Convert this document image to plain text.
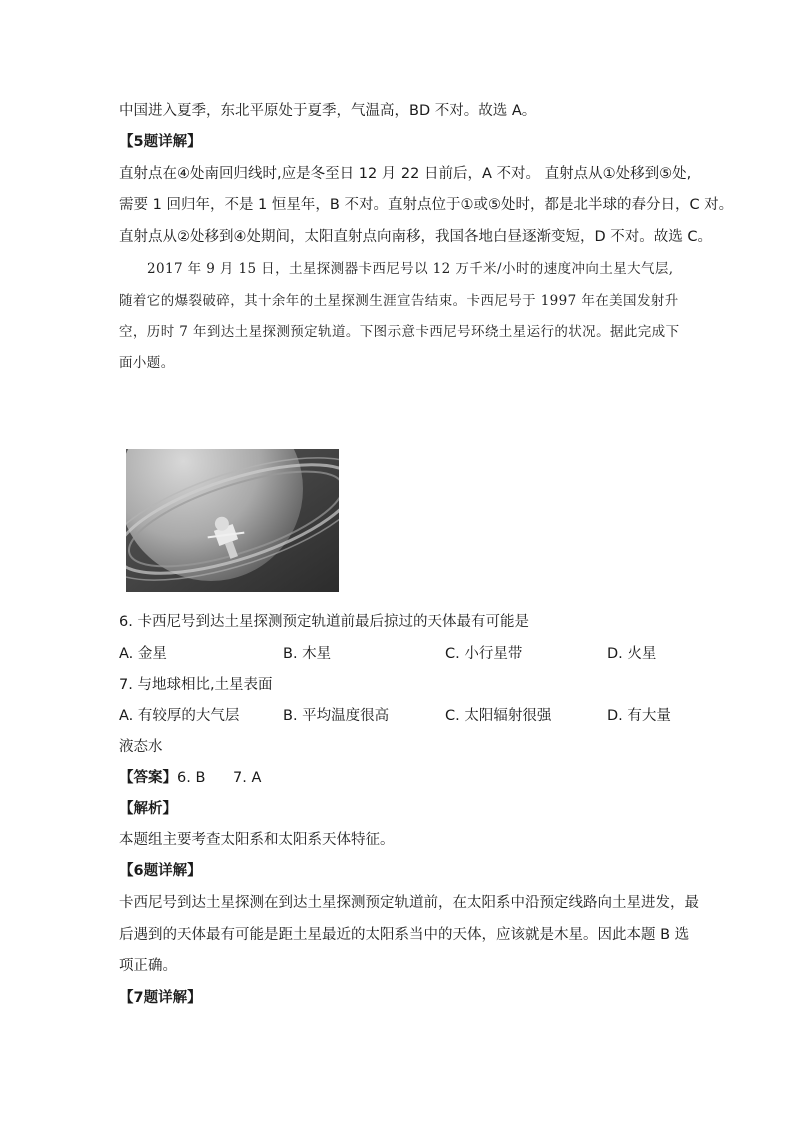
中国进入夏季，东北平原处于夏季，气温高，BD 不对。故选 A。
【5题详解】
直射点在④处南回归线时,应是冬至日 12 月 22 日前后，A 不对。 直射点从①处移到⑤处,
需要 1 回归年，不是 1 恒星年，B 不对。直射点位于①或⑤处时，都是北半球的春分日，C 对。
直射点从②处移到④处期间，太阳直射点向南移，我国各地白昼逐渐变短，D 不对。故选 C。
2017 年 9 月 15 日，土星探测器卡西尼号以 12 万千米/小时的速度冲向土星大气层,
随着它的爆裂破碎，其十余年的土星探测生涯宣告结束。卡西尼号于 1997 年在美国发射升
空，历时 7 年到达土星探测预定轨道。下图示意卡西尼号环绕土星运行的状况。据此完成下
面小题。
6. 卡西尼号到达土星探测预定轨道前最后掠过的天体最有可能是
A. 金星	B. 木星	C. 小行星带	D. 火星
7. 与地球相比,土星表面
A. 有较厚的大气层	B. 平均温度很高	C. 太阳辐射很强	D. 有大量
液态水
【答案】6. B      7. A
【解析】
本题组主要考查太阳系和太阳系天体特征。
【6题详解】
卡西尼号到达土星探测在到达土星探测预定轨道前，在太阳系中沿预定线路向土星进发，最
后遇到的天体最有可能是距土星最近的太阳系当中的天体，应该就是木星。因此本题 B 选
项正确。
【7题详解】
